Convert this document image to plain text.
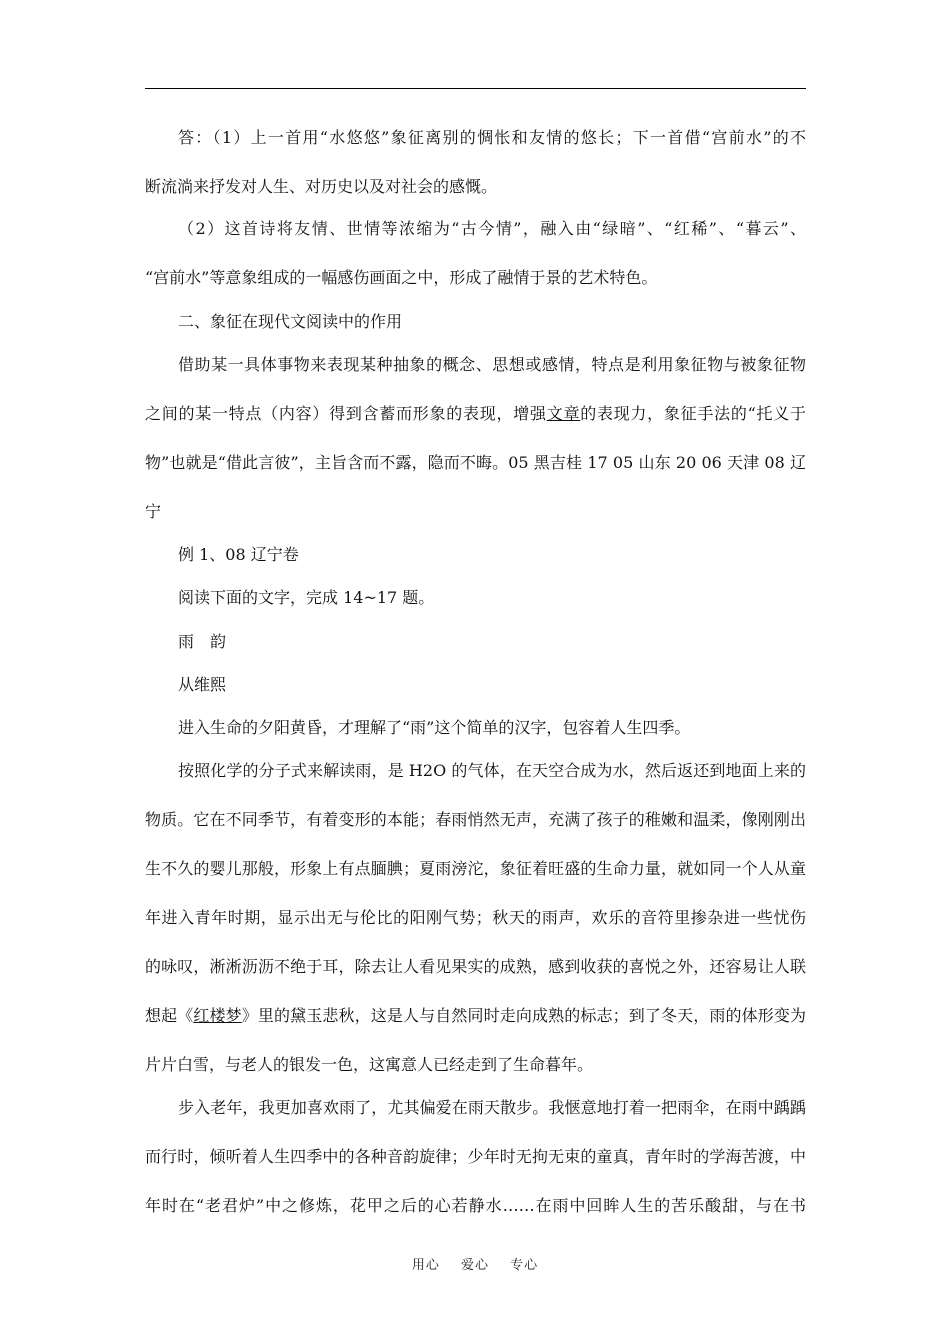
答：（1）上一首用“水悠悠”象征离别的惆怅和友情的悠长；下一首借“宫前水”的不
断流淌来抒发对人生、对历史以及对社会的感慨。
（2）这首诗将友情、世情等浓缩为“古今情”，融入由“绿暗”、“红稀”、“暮云”、
“宫前水”等意象组成的一幅感伤画面之中，形成了融情于景的艺术特色。
二、象征在现代文阅读中的作用
借助某一具体事物来表现某种抽象的概念、思想或感情，特点是利用象征物与被象征物
之间的某一特点（内容）得到含蓄而形象的表现，增强文章的表现力，象征手法的“托义于
物”也就是“借此言彼”，主旨含而不露，隐而不晦。05 黑吉桂 17 05 山东 20 06 天津 08 辽
宁
例 1、08 辽宁卷
阅读下面的文字，完成 14~17 题。
雨　韵
从维熙
进入生命的夕阳黄昏，才理解了“雨”这个简单的汉字，包容着人生四季。
按照化学的分子式来解读雨，是 H2O 的气体，在天空合成为水，然后返还到地面上来的
物质。它在不同季节，有着变形的本能；春雨悄然无声，充满了孩子的稚嫩和温柔，像刚刚出
生不久的婴儿那般，形象上有点腼腆；夏雨滂沱，象征着旺盛的生命力量，就如同一个人从童
年进入青年时期，显示出无与伦比的阳刚气势；秋天的雨声，欢乐的音符里掺杂进一些忧伤
的咏叹，淅淅沥沥不绝于耳，除去让人看见果实的成熟，感到收获的喜悦之外，还容易让人联
想起《红楼梦》里的黛玉悲秋，这是人与自然同时走向成熟的标志；到了冬天，雨的体形变为
片片白雪，与老人的银发一色，这寓意人已经走到了生命暮年。
步入老年，我更加喜欢雨了，尤其偏爱在雨天散步。我惬意地打着一把雨伞，在雨中踽踽
而行时，倾听着人生四季中的各种音韵旋律；少年时无拘无束的童真，青年时的学海苦渡，中
年时在“老君炉”中之修炼，花甲之后的心若静水……在雨中回眸人生的苦乐酸甜，与在书
用心 爱心 专心
